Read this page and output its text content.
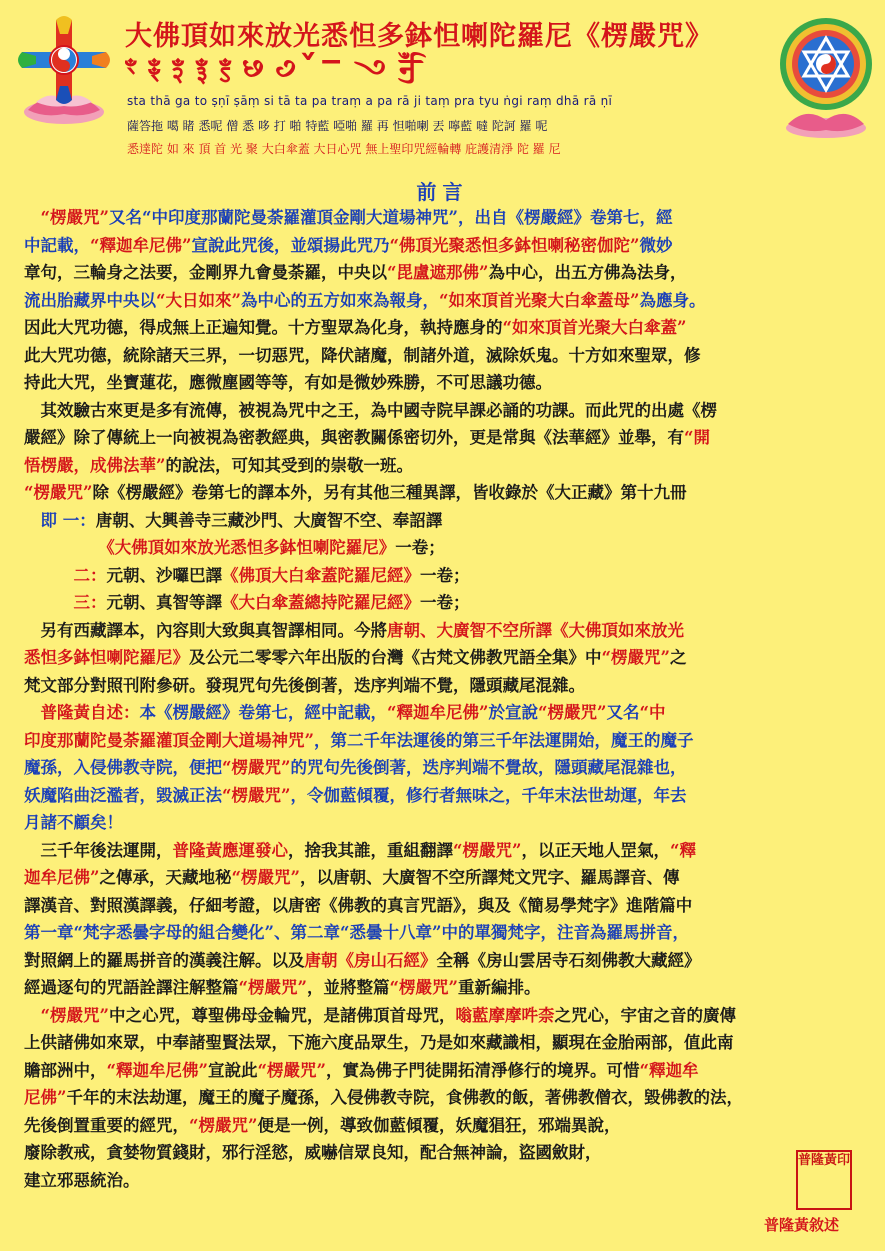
大佛頂如來放光悉怛多鉢怛喇陀羅尼《楞嚴咒》
ꣳ ꣴ ꣵ ꣶ ꣷ ꣸ ꣹ ꣺ ꣻ ꣼ ꣽ
sta thā ga to ṣṇī ṣāṃ si tā ta pa traṃ a pa rā ji taṃ pra tyu ṅgi raṃ dhā rā ṇī
薩答拖 噶 睹 悉呢 僧 悉 哆 打 啪 特藍 啞啪 羅 再 怛啪喇 丟 嚀藍 噠 陀訶 羅 呢
悉達陀 如 來 頂 首 光 聚 大白傘蓋 大日心咒 無上聖印咒經輪轉 庇護清淨 陀 羅 尼
前言
　“楞嚴咒”又名“中印度那蘭陀曼荼羅灌頂金剛大道場神咒”，出自《楞嚴經》卷第七，經
中記載，“釋迦牟尼佛”宣說此咒後，並頌揚此咒乃“佛頂光聚悉怛多鉢怛喇秘密伽陀”微妙
章句，三輪身之法要，金剛界九會曼荼羅，中央以“毘盧遮那佛”為中心，出五方佛為法身，
流出胎藏界中央以“大日如來”為中心的五方如來為報身，“如來頂首光聚大白傘蓋母”為應身。
因此大咒功德，得成無上正遍知覺。十方聖眾為化身，執持應身的“如來頂首光聚大白傘蓋”
此大咒功德，統除諸天三界，一切惡咒，降伏諸魔，制諸外道，滅除妖鬼。十方如來聖眾，修
持此大咒，坐寶蓮花，應微塵國等等，有如是微妙殊勝，不可思議功德。
　其效驗古來更是多有流傳，被視為咒中之王，為中國寺院早課必誦的功課。而此咒的出處《楞
嚴經》除了傳統上一向被視為密教經典，與密教關係密切外，更是常與《法華經》並舉，有“開
悟楞嚴，成佛法華”的說法，可知其受到的崇敬一班。
“楞嚴咒”除《楞嚴經》卷第七的譯本外，另有其他三種異譯，皆收錄於《大正藏》第十九冊
　即 一：唐朝、大興善寺三藏沙門、大廣智不空、奉詔譯
　　　　　《大佛頂如來放光悉怛多鉢怛喇陀羅尼》一卷；
　　　二：元朝、沙囉巴譯《佛頂大白傘蓋陀羅尼經》一卷；
　　　三：元朝、真智等譯《大白傘蓋總持陀羅尼經》一卷；
　另有西藏譯本，內容則大致與真智譯相同。今將唐朝、大廣智不空所譯《大佛頂如來放光
悉怛多鉢怛喇陀羅尼》及公元二零零六年出版的台灣《古梵文佛教咒語全集》中“楞嚴咒”之
梵文部分對照刊附參研。發現咒句先後倒著，迭序判端不覺，隱頭藏尾混雜。
　普隆黃自述：本《楞嚴經》卷第七，經中記載，“釋迦牟尼佛”於宣說“楞嚴咒”又名“中
印度那蘭陀曼荼羅灌頂金剛大道場神咒”，第二千年法運後的第三千年法運開始，魔王的魔子
魔孫，入侵佛教寺院，便把“楞嚴咒”的咒句先後倒著，迭序判端不覺故，隱頭藏尾混雜也，
妖魔陷曲泛濫者，毀滅正法“楞嚴咒”，令伽藍傾覆，修行者無味之，千年末法世劫運，年去
月諸不顧矣！
　三千年後法運開，普隆黃應運發心，捨我其誰，重組翻譯“楞嚴咒”，以正天地人罡氣，“釋
迦牟尼佛”之傳承，天藏地秘“楞嚴咒”，以唐朝、大廣智不空所譯梵文咒字、羅馬譯音、傳
譯漢音、對照漢譯義，仔細考證，以唐密《佛教的真言咒語》，與及《簡易學梵字》進階篇中
第一章“梵字悉曇字母的組合變化”、第二章“悉曇十八章”中的單獨梵字，注音為羅馬拼音，
對照網上的羅馬拼音的漢義注解。以及唐朝《房山石經》全稱《房山雲居寺石刻佛教大藏經》
經過逐句的咒語詮譯注解整篇“楞嚴咒”，並將整篇“楞嚴咒”重新編排。
　“楞嚴咒”中之心咒，尊聖佛母金輪咒，是諸佛頂首母咒，嗡藍摩摩吽柰之咒心，宇宙之音的廣傳
上供諸佛如來眾，中奉諸聖賢法眾，下施六度品眾生，乃是如來藏識相，顯現在金胎兩部，值此南
贍部洲中，“釋迦牟尼佛”宣說此“楞嚴咒”，實為佛子門徒開拓清淨修行的境界。可惜“釋迦牟
尼佛”千年的末法劫運，魔王的魔子魔孫，入侵佛教寺院，食佛教的飯，著佛教僧衣，毀佛教的法，
先後倒置重要的經咒，“楞嚴咒”便是一例，導致伽藍傾覆，妖魔猖狂，邪端異說，
廢除教戒，貪婪物質錢財，邪行淫慾，威嚇信眾良知，配合無神論，盜國斂財，
建立邪惡統治。
普隆黃印
普隆黃敘述
